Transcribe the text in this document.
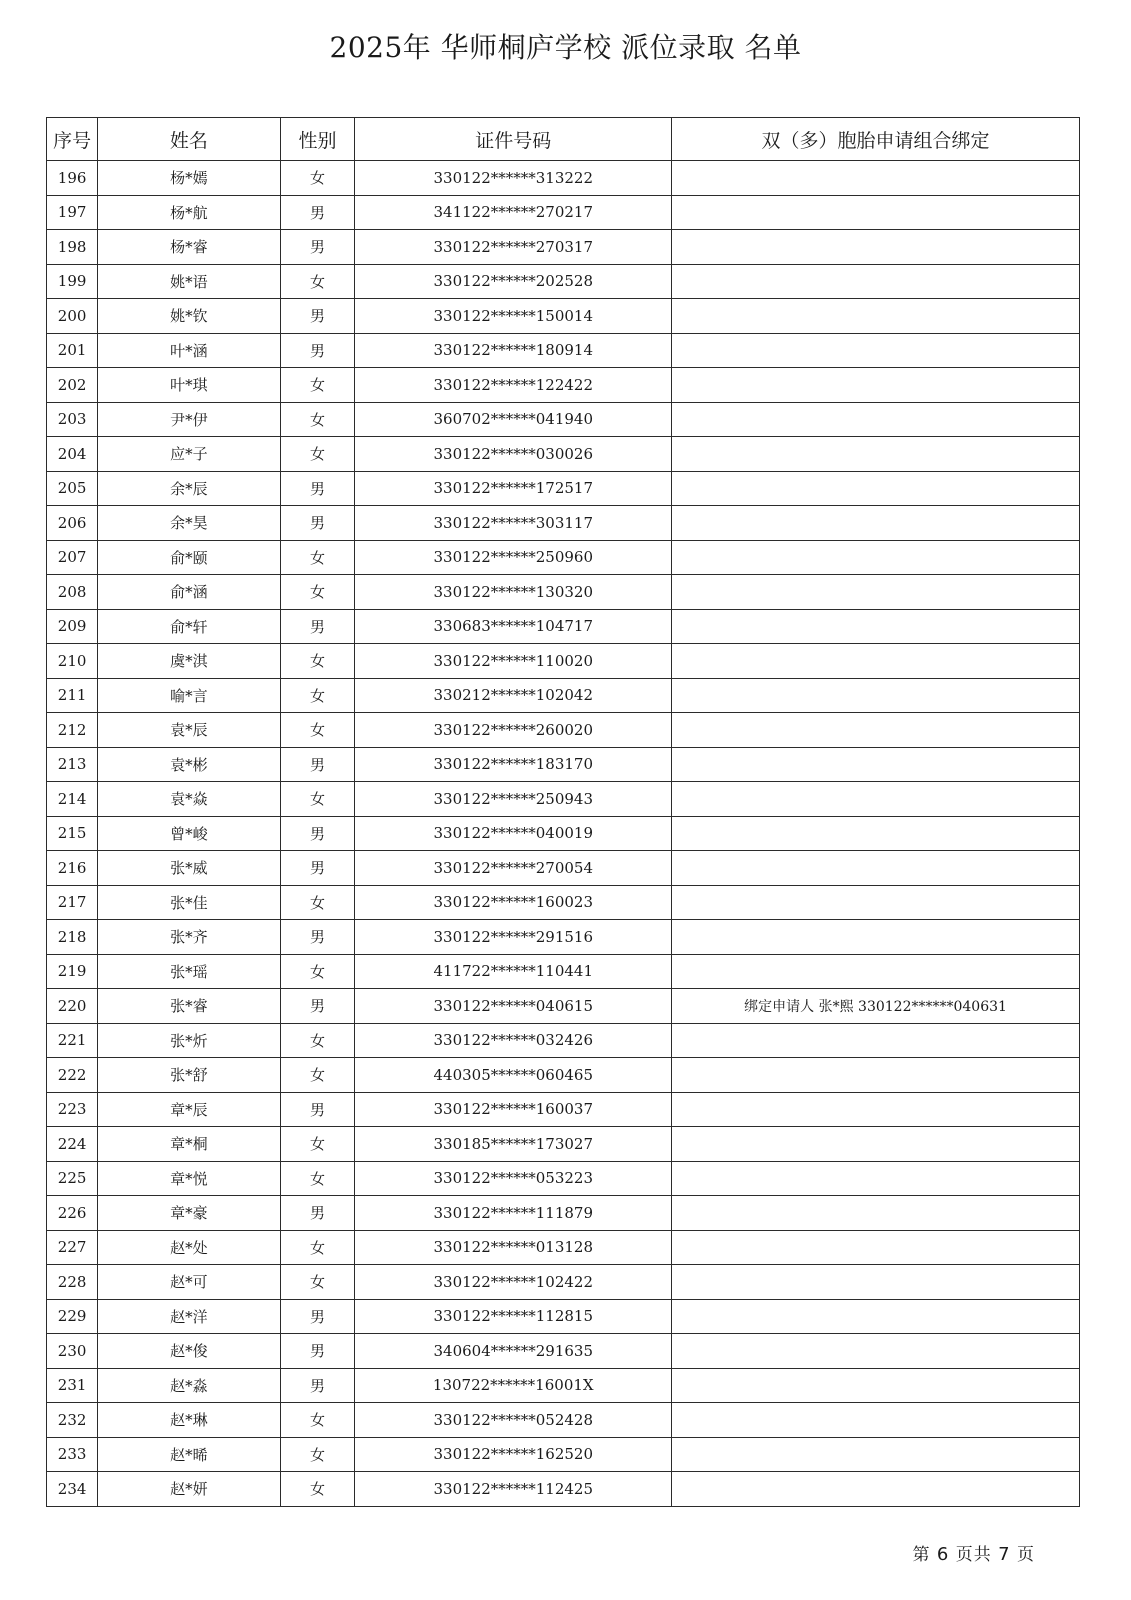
2025年 华师桐庐学校 派位录取 名单
序号	姓名	性别	证件号码	双（多）胞胎申请组合绑定
196	杨*嫣	女	330122******313222	
197	杨*航	男	341122******270217	
198	杨*睿	男	330122******270317	
199	姚*语	女	330122******202528	
200	姚*钦	男	330122******150014	
201	叶*涵	男	330122******180914	
202	叶*琪	女	330122******122422	
203	尹*伊	女	360702******041940	
204	应*子	女	330122******030026	
205	余*辰	男	330122******172517	
206	余*昊	男	330122******303117	
207	俞*颐	女	330122******250960	
208	俞*涵	女	330122******130320	
209	俞*轩	男	330683******104717	
210	虞*淇	女	330122******110020	
211	喻*言	女	330212******102042	
212	袁*辰	女	330122******260020	
213	袁*彬	男	330122******183170	
214	袁*焱	女	330122******250943	
215	曾*峻	男	330122******040019	
216	张*威	男	330122******270054	
217	张*佳	女	330122******160023	
218	张*齐	男	330122******291516	
219	张*瑶	女	411722******110441	
220	张*睿	男	330122******040615	绑定申请人 张*熙 330122******040631
221	张*炘	女	330122******032426	
222	张*舒	女	440305******060465	
223	章*辰	男	330122******160037	
224	章*桐	女	330185******173027	
225	章*悦	女	330122******053223	
226	章*豪	男	330122******111879	
227	赵*处	女	330122******013128	
228	赵*可	女	330122******102422	
229	赵*洋	男	330122******112815	
230	赵*俊	男	340604******291635	
231	赵*淼	男	130722******16001X	
232	赵*琳	女	330122******052428	
233	赵*晞	女	330122******162520	
234	赵*妍	女	330122******112425	
第 6 页共 7 页
